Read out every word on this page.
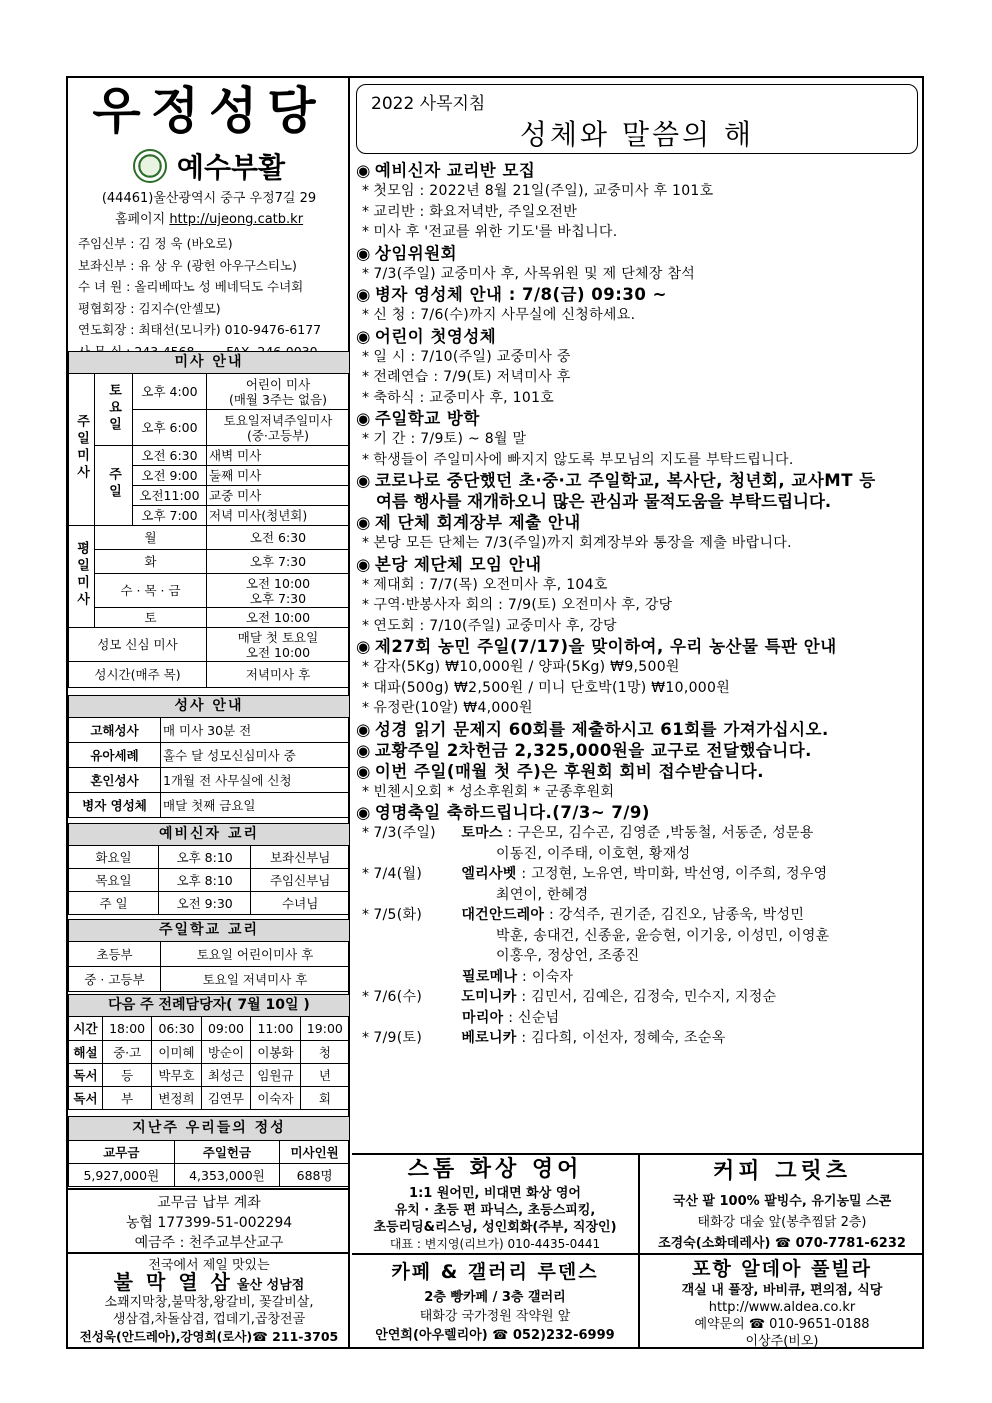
우정성당
예수부활
(44461)울산광역시 중구 우정7길 29
홈페이지 http://ujeong.catb.kr
주임신부 : 김 정 욱 (바오로)
보좌신부 : 유 상 우 (광헌 아우구스티노)
수 녀 원 : 올리베따노 성 베네딕도 수녀회
평협회장 : 김지수(안셀모)
연도회장 : 최태선(모니카) 010-9476-6177
미사 안내			
주일미사	토요일	오후 4:00	어린이 미사
(매월 3주는 없음)
		오후 6:00	토요일저녁주일미사
(중·고등부)
	주일	오전 6:30	새벽 미사
		오전 9:00	둘째 미사
		오전11:00	교중 미사
		오후 7:00	저녁 미사(청년회)
평일미사	월		오전 6:30
	화		오후 7:30
	수 · 목 · 금		오전 10:00
오후 7:30
	토		오전 10:00
성모 신심 미사			매달 첫 토요일
오전 10:00
성시간(매주 목)			저녁미사 후
성사 안내	
고해성사	매 미사 30분 전
유아세례	홀수 달 성모신심미사 중
혼인성사	1개월 전 사무실에 신청
병자 영성체	매달 첫째 금요일
예비신자 교리		
화요일	오후 8:10	보좌신부님
목요일	오후 8:10	주임신부님
주 일	오전 9:30	수녀님
주일학교 교리	
초등부	토요일 어린이미사 후
중 · 고등부	토요일 저녁미사 후
다음 주 전례담당자( 7월 10일 )					
시간	18:00	06:30	09:00	11:00	19:00
해설	중·고	이미혜	방순이	이봉화	청
독서	등	박무호	최성근	임원규	년
독서	부	변정희	김연무	이숙자	회
지난주 우리들의 정성		
교무금	주일헌금	미사인원
5,927,000원	4,353,000원	688명
교무금 납부 계좌
농협 177399-51-002294
예금주 : 천주교부산교구
전국에서 제일 맛있는
불 막 열 삼 울산 성남점
소꽤지막창,불막창,왕갈비, 꽃갈비살,
생삼겹,차돌삼겹, 껍데기,곱창전골
전성욱(안드레아),강영희(로사)☎ 211-3705
2022 사목지침
성체와 말씀의 해
◉ 예비신자 교리반 모집
* 첫모임 : 2022년 8월 21일(주일), 교중미사 후 101호
* 교리반 : 화요저녁반, 주일오전반
* 미사 후 '전교를 위한 기도'를 바칩니다.
◉ 상임위원회
* 7/3(주일) 교중미사 후, 사목위원 및 제 단체장 참석
◉ 병자 영성체 안내 : 7/8(금) 09:30 ~
* 신 청 : 7/6(수)까지 사무실에 신청하세요.
◉ 어린이 첫영성체
* 일 시 : 7/10(주일) 교중미사 중
* 전례연습 : 7/9(토) 저녁미사 후
* 축하식 : 교중미사 후, 101호
◉ 주일학교 방학
* 기 간 : 7/9토) ~ 8월 말
* 학생들이 주일미사에 빠지지 않도록 부모님의 지도를 부탁드립니다.
◉ 코로나로 중단했던 초·중·고 주일학교, 복사단, 청년회, 교사MT 등
여름 행사를 재개하오니 많은 관심과 물적도움을 부탁드립니다.
◉ 제 단체 회계장부 제출 안내
* 본당 모든 단체는 7/3(주일)까지 회계장부와 통장을 제출 바랍니다.
◉ 본당 제단체 모임 안내
* 제대회 : 7/7(목) 오전미사 후, 104호
* 구역·반봉사자 회의 : 7/9(토) 오전미사 후, 강당
* 연도회 : 7/10(주일) 교중미사 후, 강당
◉ 제27회 농민 주일(7/17)을 맞이하여, 우리 농산물 특판 안내
* 감자(5Kg) ₩10,000원 / 양파(5Kg) ₩9,500원
* 대파(500g) ₩2,500원 / 미니 단호박(1망) ₩10,000원
* 유정란(10알) ₩4,000원
◉ 성경 읽기 문제지 60회를 제출하시고 61회를 가져가십시오.
◉ 교황주일 2차헌금 2,325,000원을 교구로 전달했습니다.
◉ 이번 주일(매월 첫 주)은 후원회 회비 접수받습니다.
* 빈첸시오회 * 성소후원회 * 군종후원회
◉ 영명축일 축하드립니다.(7/3~ 7/9)
* 7/3(주일) 토마스 : 구은모, 김수곤, 김영준 ,박동철, 서동준, 성문용
이동진, 이주태, 이호현, 황재성
* 7/4(월)	엘리사벳 : 고정현, 노유연, 박미화, 박선영, 이주희, 정우영
최연이, 한혜경
* 7/5(화)	대건안드레아 : 강석주, 권기준, 김진오, 남종욱, 박성민
박훈, 송대건, 신종윤, 윤승현, 이기웅, 이성민, 이영훈
이홍우, 정상언, 조종진
필로메나 : 이숙자
* 7/6(수)	도미니카 : 김민서, 김예은, 김정숙, 민수지, 지정순
마리아 : 신순넘
* 7/9(토)	베로니카 : 김다희, 이선자, 정혜숙, 조순옥
스톰 화상 영어
1:1 원어민, 비대면 화상 영어
유치 · 초등 편 파닉스, 초등스피킹,
초등리딩&리스닝, 성인회화(주부, 직장인)
대표 : 변지영(리브가) 010-4435-0441
커피 그릿츠
국산 팥 100% 팥빙수, 유기농밀 스콘
태화강 대숲 앞(봉추찜닭 2층)
조경숙(소화데레사) ☎ 070-7781-6232
카페 & 갤러리 루덴스
2층 빵카페 / 3층 갤러리
태화강 국가정원 작약원 앞
안연희(아우렐리아) ☎ 052)232-6999
포항 알데아 풀빌라
객실 내 풀장, 바비큐, 편의점, 식당
http://www.aldea.co.kr
예약문의 ☎ 010-9651-0188
이상주(비오)
